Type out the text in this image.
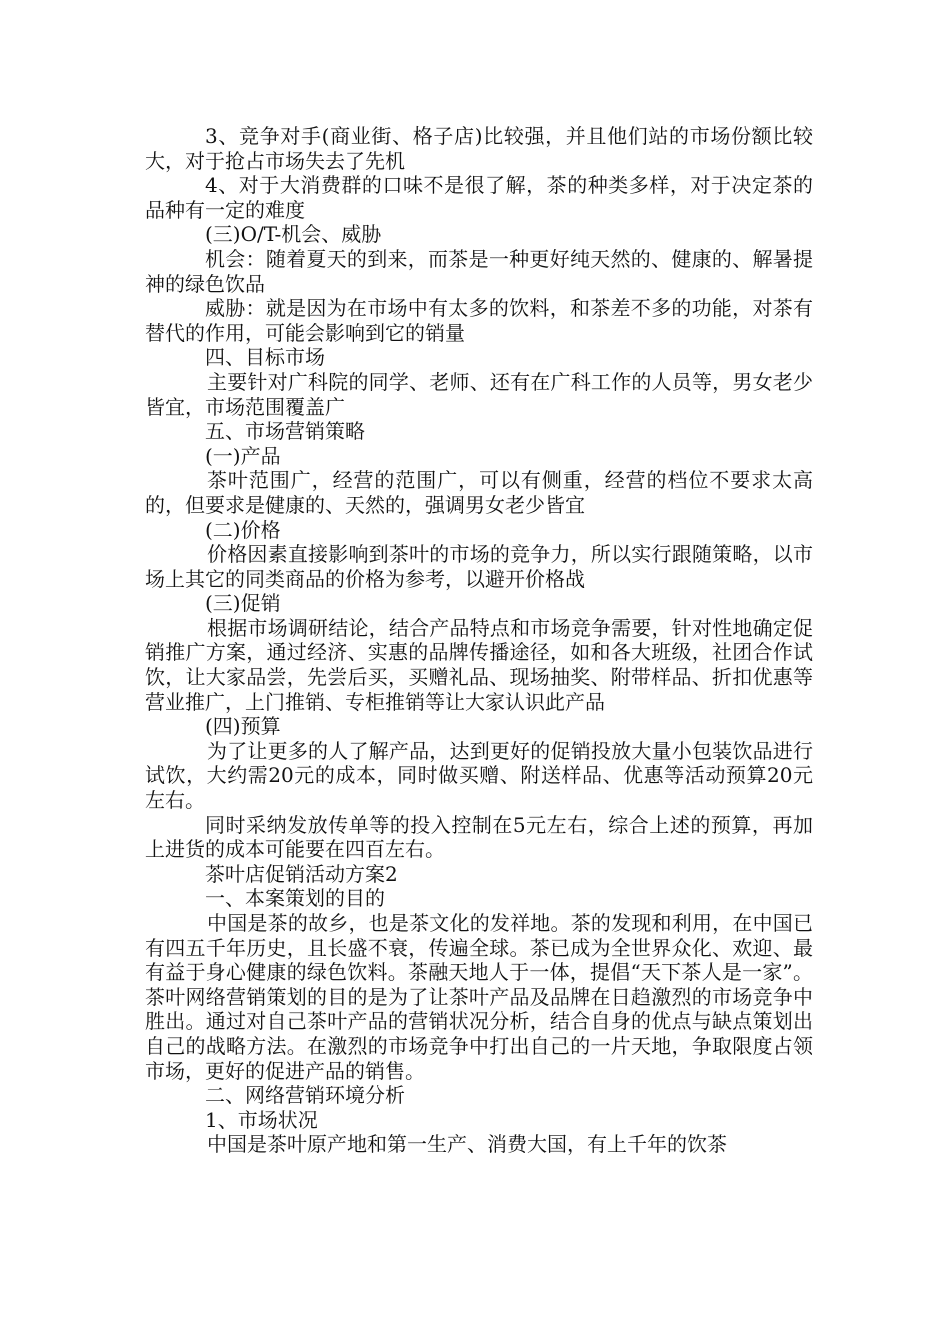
3、竞争对手(商业街、格子店)比较强，并且他们站的市场份额比较大，对于抢占市场失去了先机

4、对于大消费群的口味不是很了解，茶的种类多样，对于决定茶的品种有一定的难度

(三)O/T-机会、威胁

机会：随着夏天的到来，而茶是一种更好纯天然的、健康的、解暑提神的绿色饮品

威胁：就是因为在市场中有太多的饮料，和茶差不多的功能，对茶有替代的作用，可能会影响到它的销量

四、目标市场

主要针对广科院的同学、老师、还有在广科工作的人员等，男女老少皆宜，市场范围覆盖广

五、市场营销策略

(一)产品

茶叶范围广，经营的范围广，可以有侧重，经营的档位不要求太高的，但要求是健康的、天然的，强调男女老少皆宜

(二)价格

价格因素直接影响到茶叶的市场的竞争力，所以实行跟随策略，以市场上其它的同类商品的价格为参考，以避开价格战

(三)促销

根据市场调研结论，结合产品特点和市场竞争需要，针对性地确定促销推广方案，通过经济、实惠的品牌传播途径，如和各大班级，社团合作试饮，让大家品尝，先尝后买，买赠礼品、现场抽奖、附带样品、折扣优惠等营业推广，上门推销、专柜推销等让大家认识此产品

(四)预算

为了让更多的人了解产品，达到更好的促销投放大量小包装饮品进行试饮，大约需20元的成本，同时做买赠、附送样品、优惠等活动预算20元左右。

同时采纳发放传单等的投入控制在5元左右，综合上述的预算，再加上进货的成本可能要在四百左右。

茶叶店促销活动方案2

一、本案策划的目的

中国是茶的故乡，也是茶文化的发祥地。茶的发现和利用，在中国已有四五千年历史，且长盛不衰，传遍全球。茶已成为全世界众化、欢迎、最有益于身心健康的绿色饮料。茶融天地人于一体，提倡“天下茶人是一家”。茶叶网络营销策划的目的是为了让茶叶产品及品牌在日趋激烈的市场竞争中胜出。通过对自己茶叶产品的营销状况分析，结合自身的优点与缺点策划出自己的战略方法。在激烈的市场竞争中打出自己的一片天地，争取限度占领市场，更好的促进产品的销售。

二、网络营销环境分析

1、市场状况

中国是茶叶原产地和第一生产、消费大国，有上千年的饮茶
